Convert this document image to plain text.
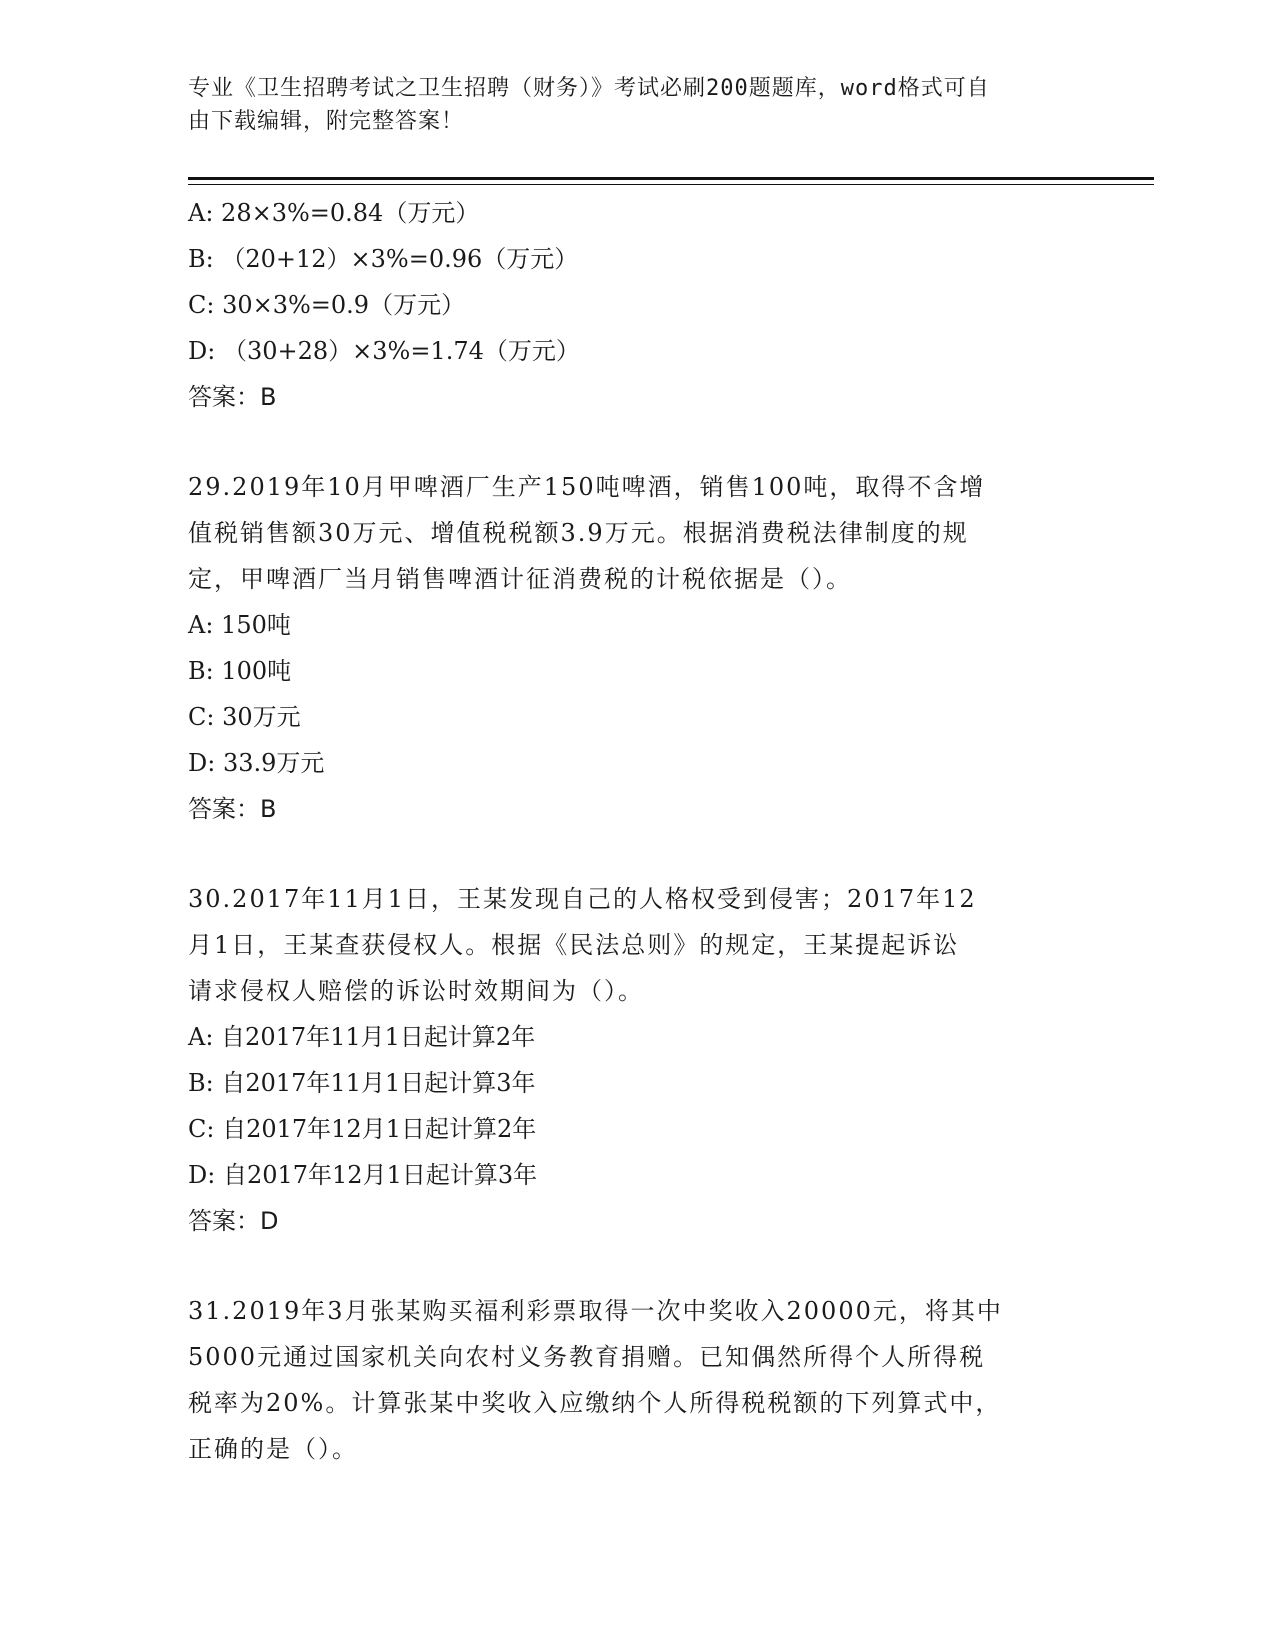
专业《卫生招聘考试之卫生招聘（财务）》考试必刷200题题库，word格式可自
由下载编辑，附完整答案！
A: 28×3%=0.84（万元）
B: （20+12）×3%=0.96（万元）
C: 30×3%=0.9（万元）
D: （30+28）×3%=1.74（万元）
答案：B
29.2019年10月甲啤酒厂生产150吨啤酒，销售100吨，取得不含增
值税销售额30万元、增值税税额3.9万元。根据消费税法律制度的规
定，甲啤酒厂当月销售啤酒计征消费税的计税依据是（）。
A: 150吨
B: 100吨
C: 30万元
D: 33.9万元
答案：B
30.2017年11月1日，王某发现自己的人格权受到侵害；2017年12
月1日，王某查获侵权人。根据《民法总则》的规定，王某提起诉讼
请求侵权人赔偿的诉讼时效期间为（）。
A: 自2017年11月1日起计算2年
B: 自2017年11月1日起计算3年
C: 自2017年12月1日起计算2年
D: 自2017年12月1日起计算3年
答案：D
31.2019年3月张某购买福利彩票取得一次中奖收入20000元，将其中
5000元通过国家机关向农村义务教育捐赠。已知偶然所得个人所得税
税率为20%。计算张某中奖收入应缴纳个人所得税税额的下列算式中，
正确的是（）。
